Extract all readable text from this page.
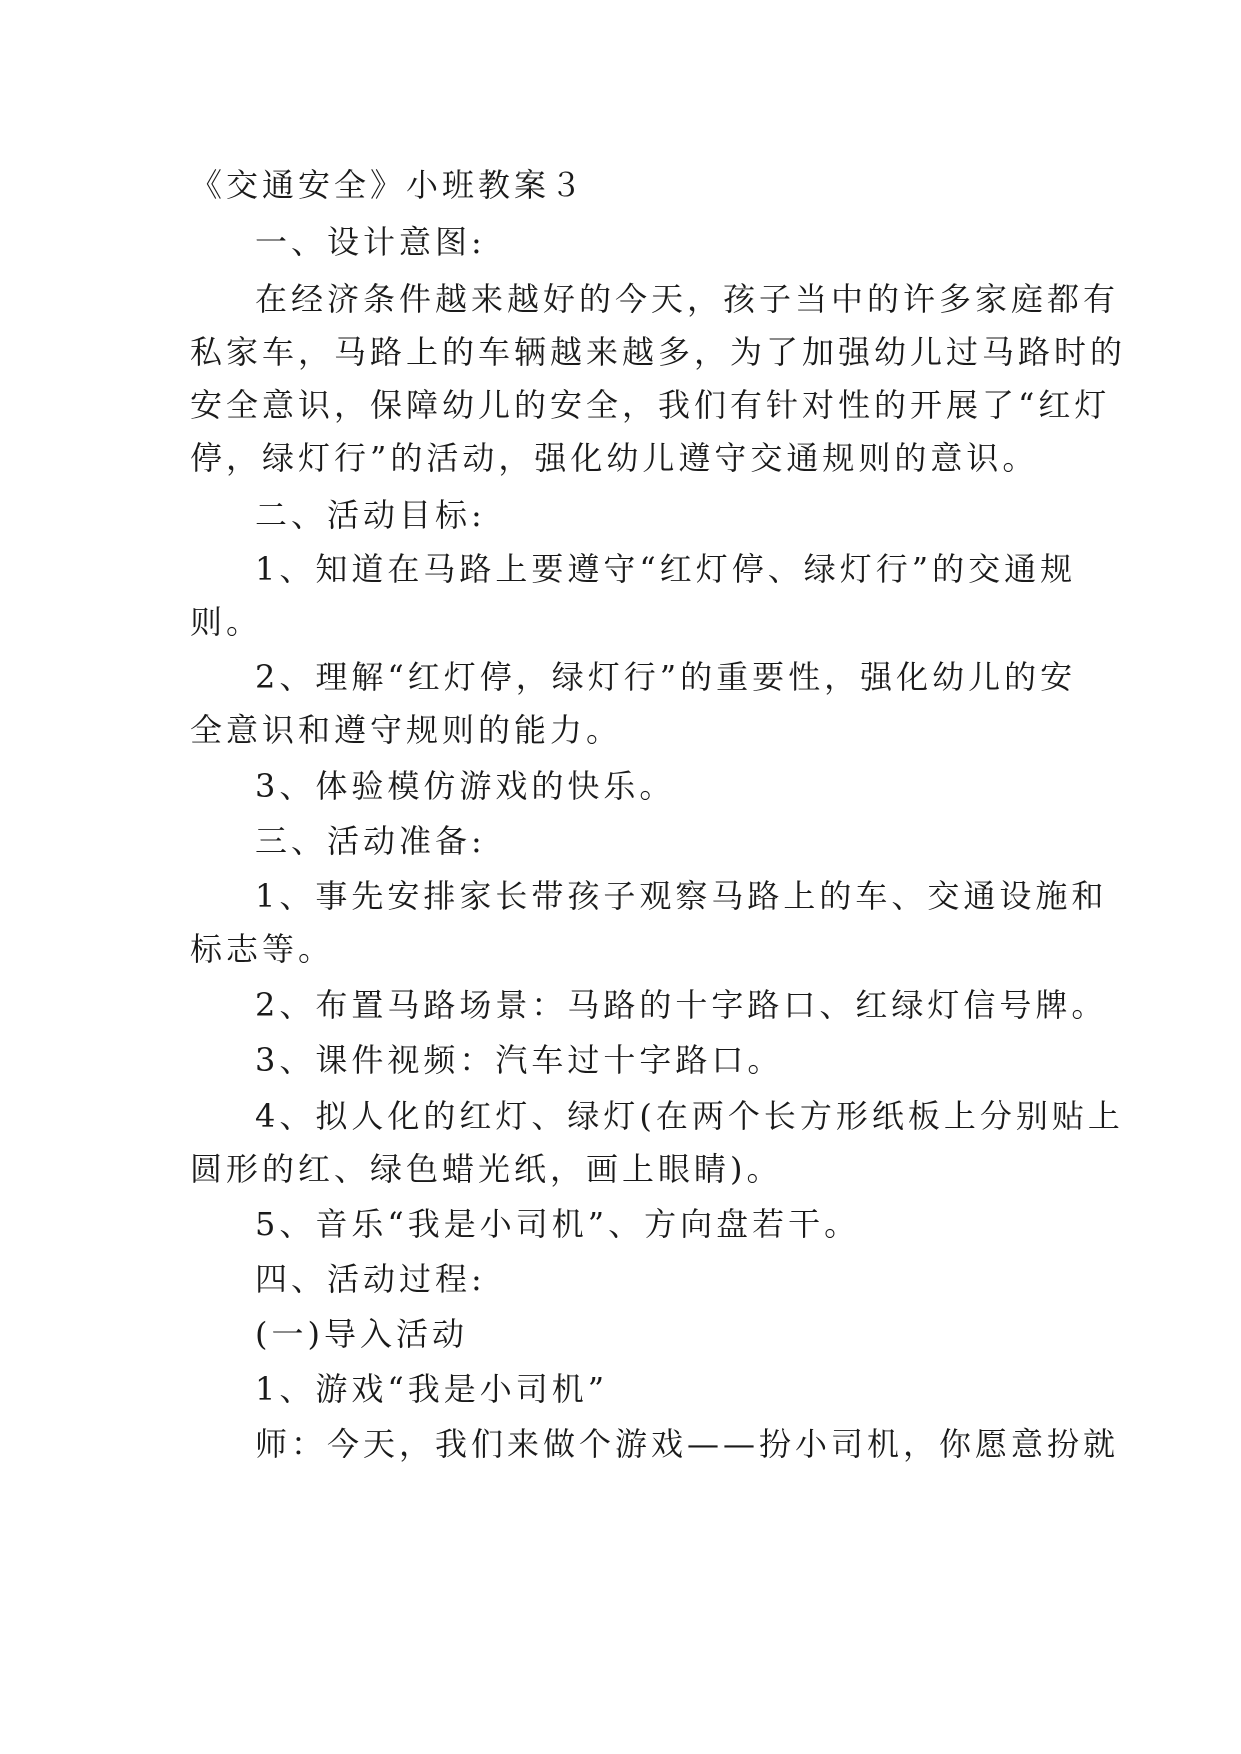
《交通安全》小班教案３
一、设计意图:
在经济条件越来越好的今天，孩子当中的许多家庭都有
私家车，马路上的车辆越来越多，为了加强幼儿过马路时的
安全意识，保障幼儿的安全，我们有针对性的开展了“红灯
停，绿灯行”的活动，强化幼儿遵守交通规则的意识。
二、活动目标:
1、知道在马路上要遵守“红灯停、绿灯行”的交通规
则。
2、理解“红灯停，绿灯行”的重要性，强化幼儿的安
全意识和遵守规则的能力。
3、体验模仿游戏的快乐。
三、活动准备:
1、事先安排家长带孩子观察马路上的车、交通设施和
标志等。
2、布置马路场景：马路的十字路口、红绿灯信号牌。
3、课件视频：汽车过十字路口。
4、拟人化的红灯、绿灯(在两个长方形纸板上分别贴上
圆形的红、绿色蜡光纸，画上眼睛)。
5、音乐“我是小司机”、方向盘若干。
四、活动过程:
(一)导入活动
1、游戏“我是小司机”
师：今天，我们来做个游戏——扮小司机，你愿意扮就
